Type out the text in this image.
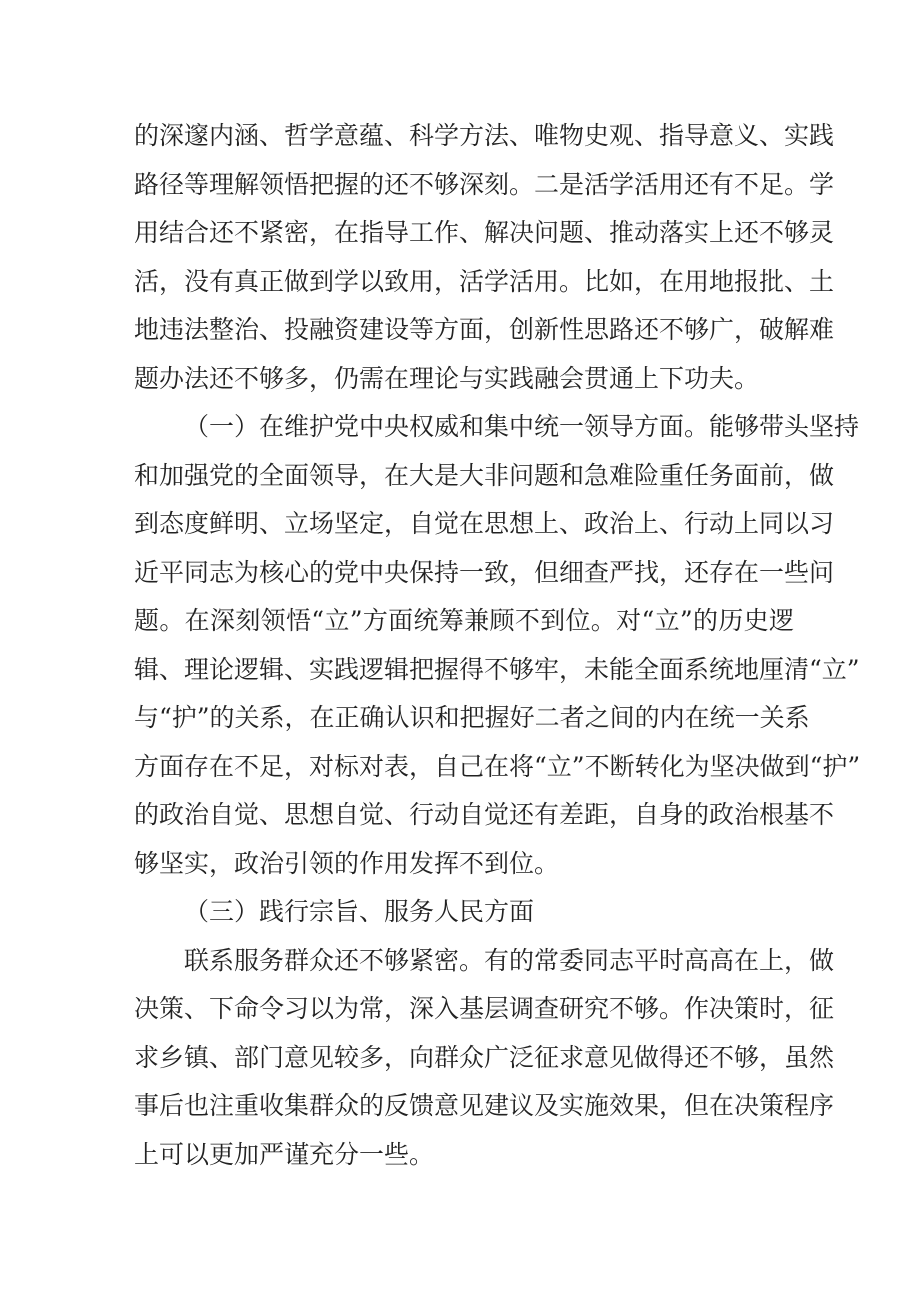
的深邃内涵、哲学意蕴、科学方法、唯物史观、指导意义、实践
路径等理解领悟把握的还不够深刻。二是活学活用还有不足。学
用结合还不紧密，在指导工作、解决问题、推动落实上还不够灵
活，没有真正做到学以致用，活学活用。比如，在用地报批、土
地违法整治、投融资建设等方面，创新性思路还不够广，破解难
题办法还不够多，仍需在理论与实践融会贯通上下功夫。
（一）在维护党中央权威和集中统一领导方面。能够带头坚持
和加强党的全面领导，在大是大非问题和急难险重任务面前，做
到态度鲜明、立场坚定，自觉在思想上、政治上、行动上同以习
近平同志为核心的党中央保持一致，但细查严找，还存在一些问
题。在深刻领悟“立”方面统筹兼顾不到位。对“立”的历史逻
辑、理论逻辑、实践逻辑把握得不够牢，未能全面系统地厘清“立”
与“护”的关系，在正确认识和把握好二者之间的内在统一关系
方面存在不足，对标对表，自己在将“立”不断转化为坚决做到“护”
的政治自觉、思想自觉、行动自觉还有差距，自身的政治根基不
够坚实，政治引领的作用发挥不到位。
（三）践行宗旨、服务人民方面
联系服务群众还不够紧密。有的常委同志平时高高在上，做
决策、下命令习以为常，深入基层调查研究不够。作决策时，征
求乡镇、部门意见较多，向群众广泛征求意见做得还不够，虽然
事后也注重收集群众的反馈意见建议及实施效果，但在决策程序
上可以更加严谨充分一些。
